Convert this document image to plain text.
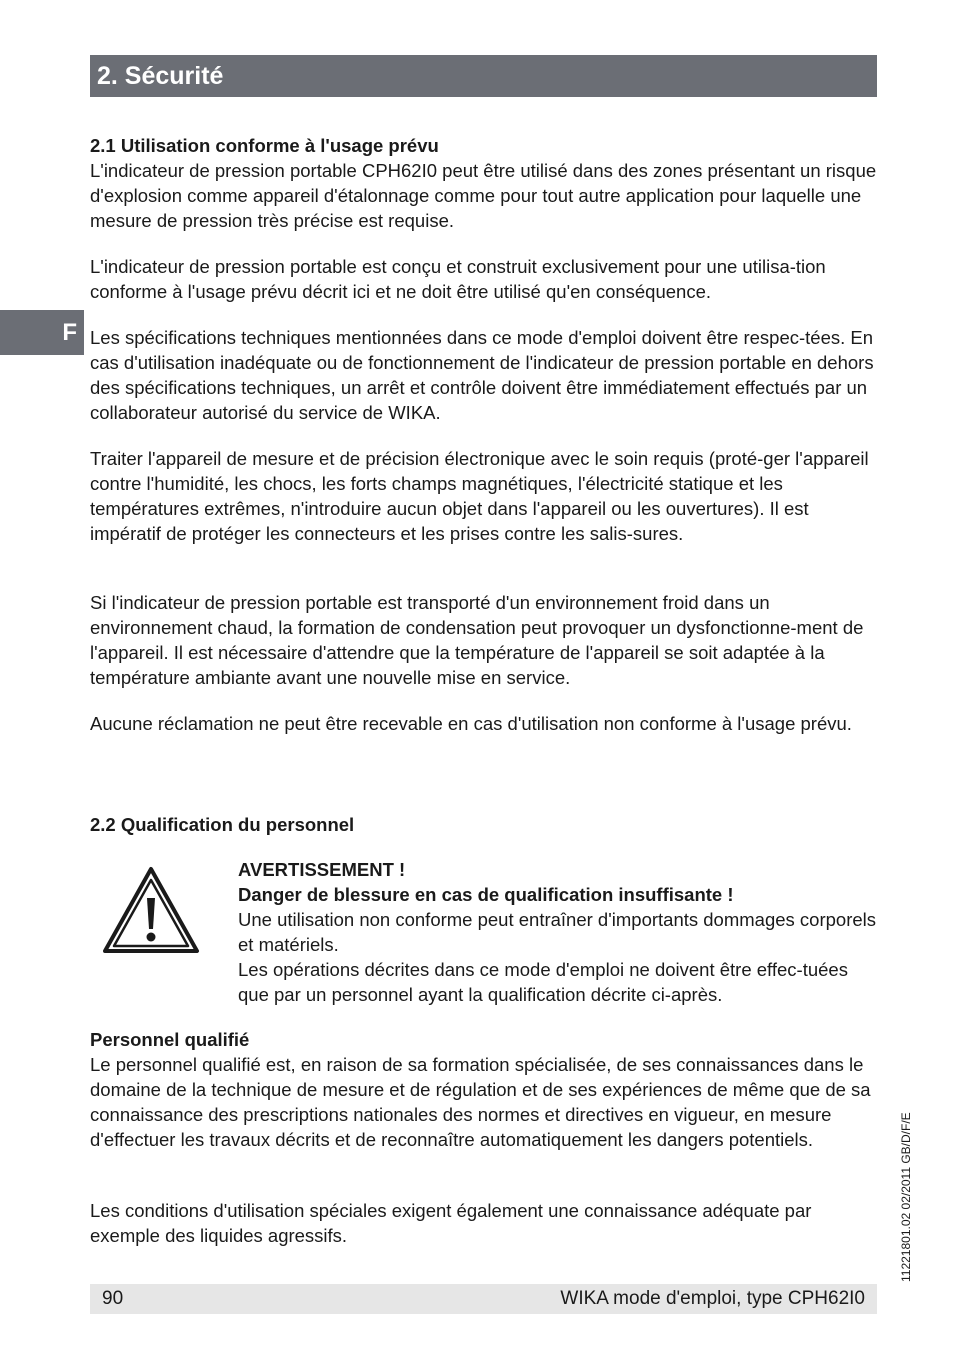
2. Sécurité
F

2.1 Utilisation conforme à l'usage prévu

L'indicateur de pression portable CPH62I0 peut être utilisé dans des zones présentant un risque d'explosion comme appareil d'étalonnage comme pour tout autre application pour laquelle une mesure de pression très précise est requise.

L'indicateur de pression portable est conçu et construit exclusivement pour une utilisa-tion conforme à l'usage prévu décrit ici et ne doit être utilisé qu'en conséquence.

Les spécifications techniques mentionnées dans ce mode d'emploi doivent être respec-tées. En cas d'utilisation inadéquate ou de fonctionnement de l'indicateur de pression portable en dehors des spécifications techniques, un arrêt et contrôle doivent être immédiatement effectués par un collaborateur autorisé du service de WIKA.

Traiter l'appareil de mesure et de précision électronique avec le soin requis (proté-ger l'appareil contre l'humidité, les chocs, les forts champs magnétiques, l'électricité statique et les températures extrêmes, n'introduire aucun objet dans l'appareil ou les ouvertures). Il est impératif de protéger les connecteurs et les prises contre les salis-sures.

Si l'indicateur de pression portable est transporté d'un environnement froid dans un environnement chaud, la formation de condensation peut provoquer un dysfonctionne-ment de l'appareil. Il est nécessaire d'attendre que la température de l'appareil se soit adaptée à la température ambiante avant une nouvelle mise en service.

Aucune réclamation ne peut être recevable en cas d'utilisation non conforme à l'usage prévu.

2.2 Qualification du personnel

AVERTISSEMENT !
Danger de blessure en cas de qualification insuffisante !
Une utilisation non conforme peut entraîner d'importants dommages corporels et matériels.
Les opérations décrites dans ce mode d'emploi ne doivent être effec-tuées que par un personnel ayant la qualification décrite ci-après.

Personnel qualifié

Le personnel qualifié est, en raison de sa formation spécialisée, de ses connaissances dans le domaine de la technique de mesure et de régulation et de ses expériences de même que de sa connaissance des prescriptions nationales des normes et directives en vigueur, en mesure d'effectuer les travaux décrits et de reconnaître automatiquement les dangers potentiels.

Les conditions d'utilisation spéciales exigent également une connaissance adéquate par exemple des liquides agressifs.	11221801.02 02/2011 GB/D/F/E
90	WIKA mode d'emploi, type CPH62I0
